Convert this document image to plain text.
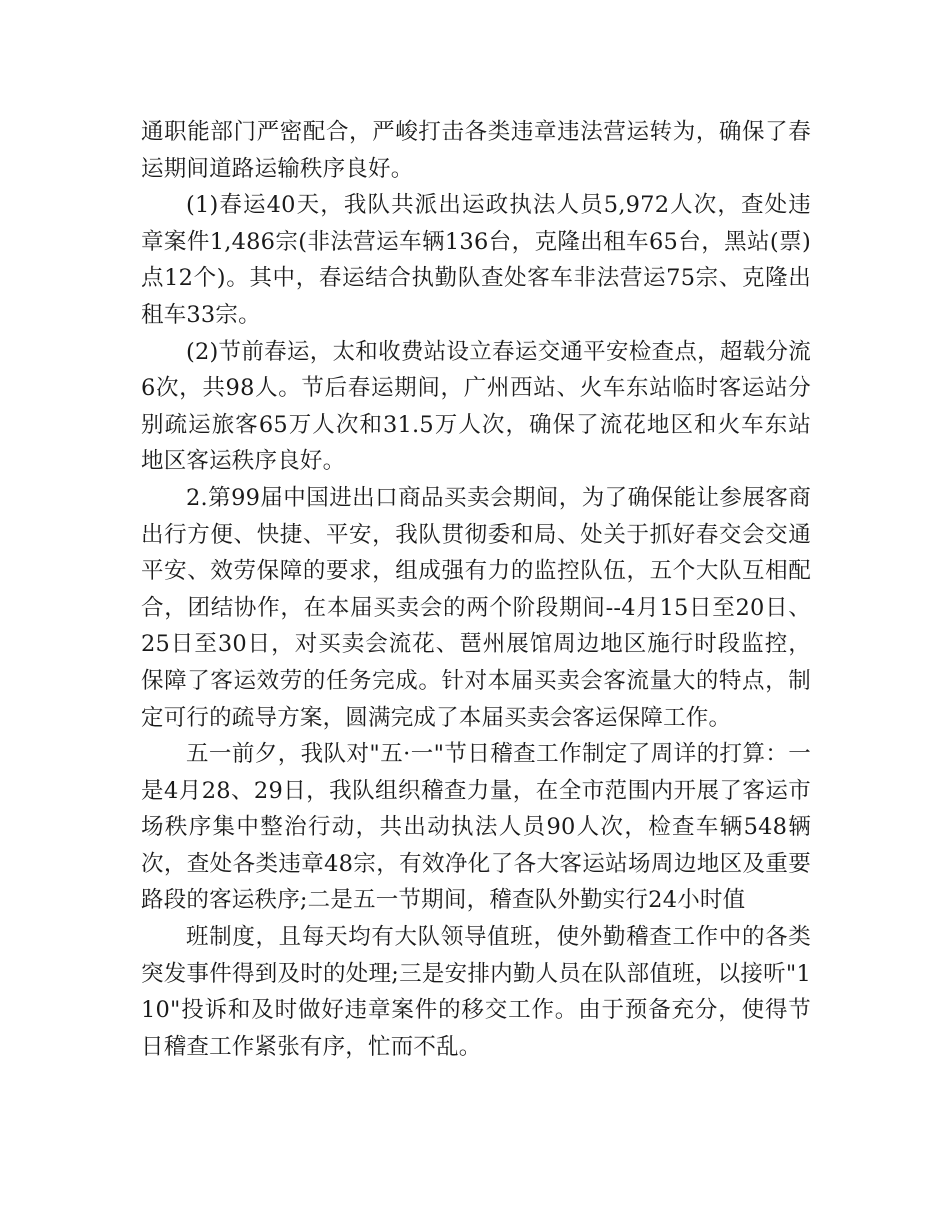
通职能部门严密配合，严峻打击各类违章违法营运转为，确保了春运期间道路运输秩序良好。

(1)春运40天，我队共派出运政执法人员5,972人次，查处违章案件1,486宗(非法营运车辆136台，克隆出租车65台，黑站(票)点12个)。其中，春运结合执勤队查处客车非法营运75宗、克隆出租车33宗。

(2)节前春运，太和收费站设立春运交通平安检查点，超载分流6次，共98人。节后春运期间，广州西站、火车东站临时客运站分别疏运旅客65万人次和31.5万人次，确保了流花地区和火车东站地区客运秩序良好。

2.第99届中国进出口商品买卖会期间，为了确保能让参展客商出行方便、快捷、平安，我队贯彻委和局、处关于抓好春交会交通平安、效劳保障的要求，组成强有力的监控队伍，五个大队互相配合，团结协作，在本届买卖会的两个阶段期间--4月15日至20日、25日至30日，对买卖会流花、琶州展馆周边地区施行时段监控，保障了客运效劳的任务完成。针对本届买卖会客流量大的特点，制定可行的疏导方案，圆满完成了本届买卖会客运保障工作。

五一前夕，我队对"五·一"节日稽查工作制定了周详的打算：一是4月28、29日，我队组织稽查力量，在全市范围内开展了客运市场秩序集中整治行动，共出动执法人员90人次，检查车辆548辆次，查处各类违章48宗，有效净化了各大客运站场周边地区及重要路段的客运秩序;二是五一节期间，稽查队外勤实行24小时值

班制度，且每天均有大队领导值班，使外勤稽查工作中的各类突发事件得到及时的处理;三是安排内勤人员在队部值班，以接听"110"投诉和及时做好违章案件的移交工作。由于预备充分，使得节日稽查工作紧张有序，忙而不乱。
